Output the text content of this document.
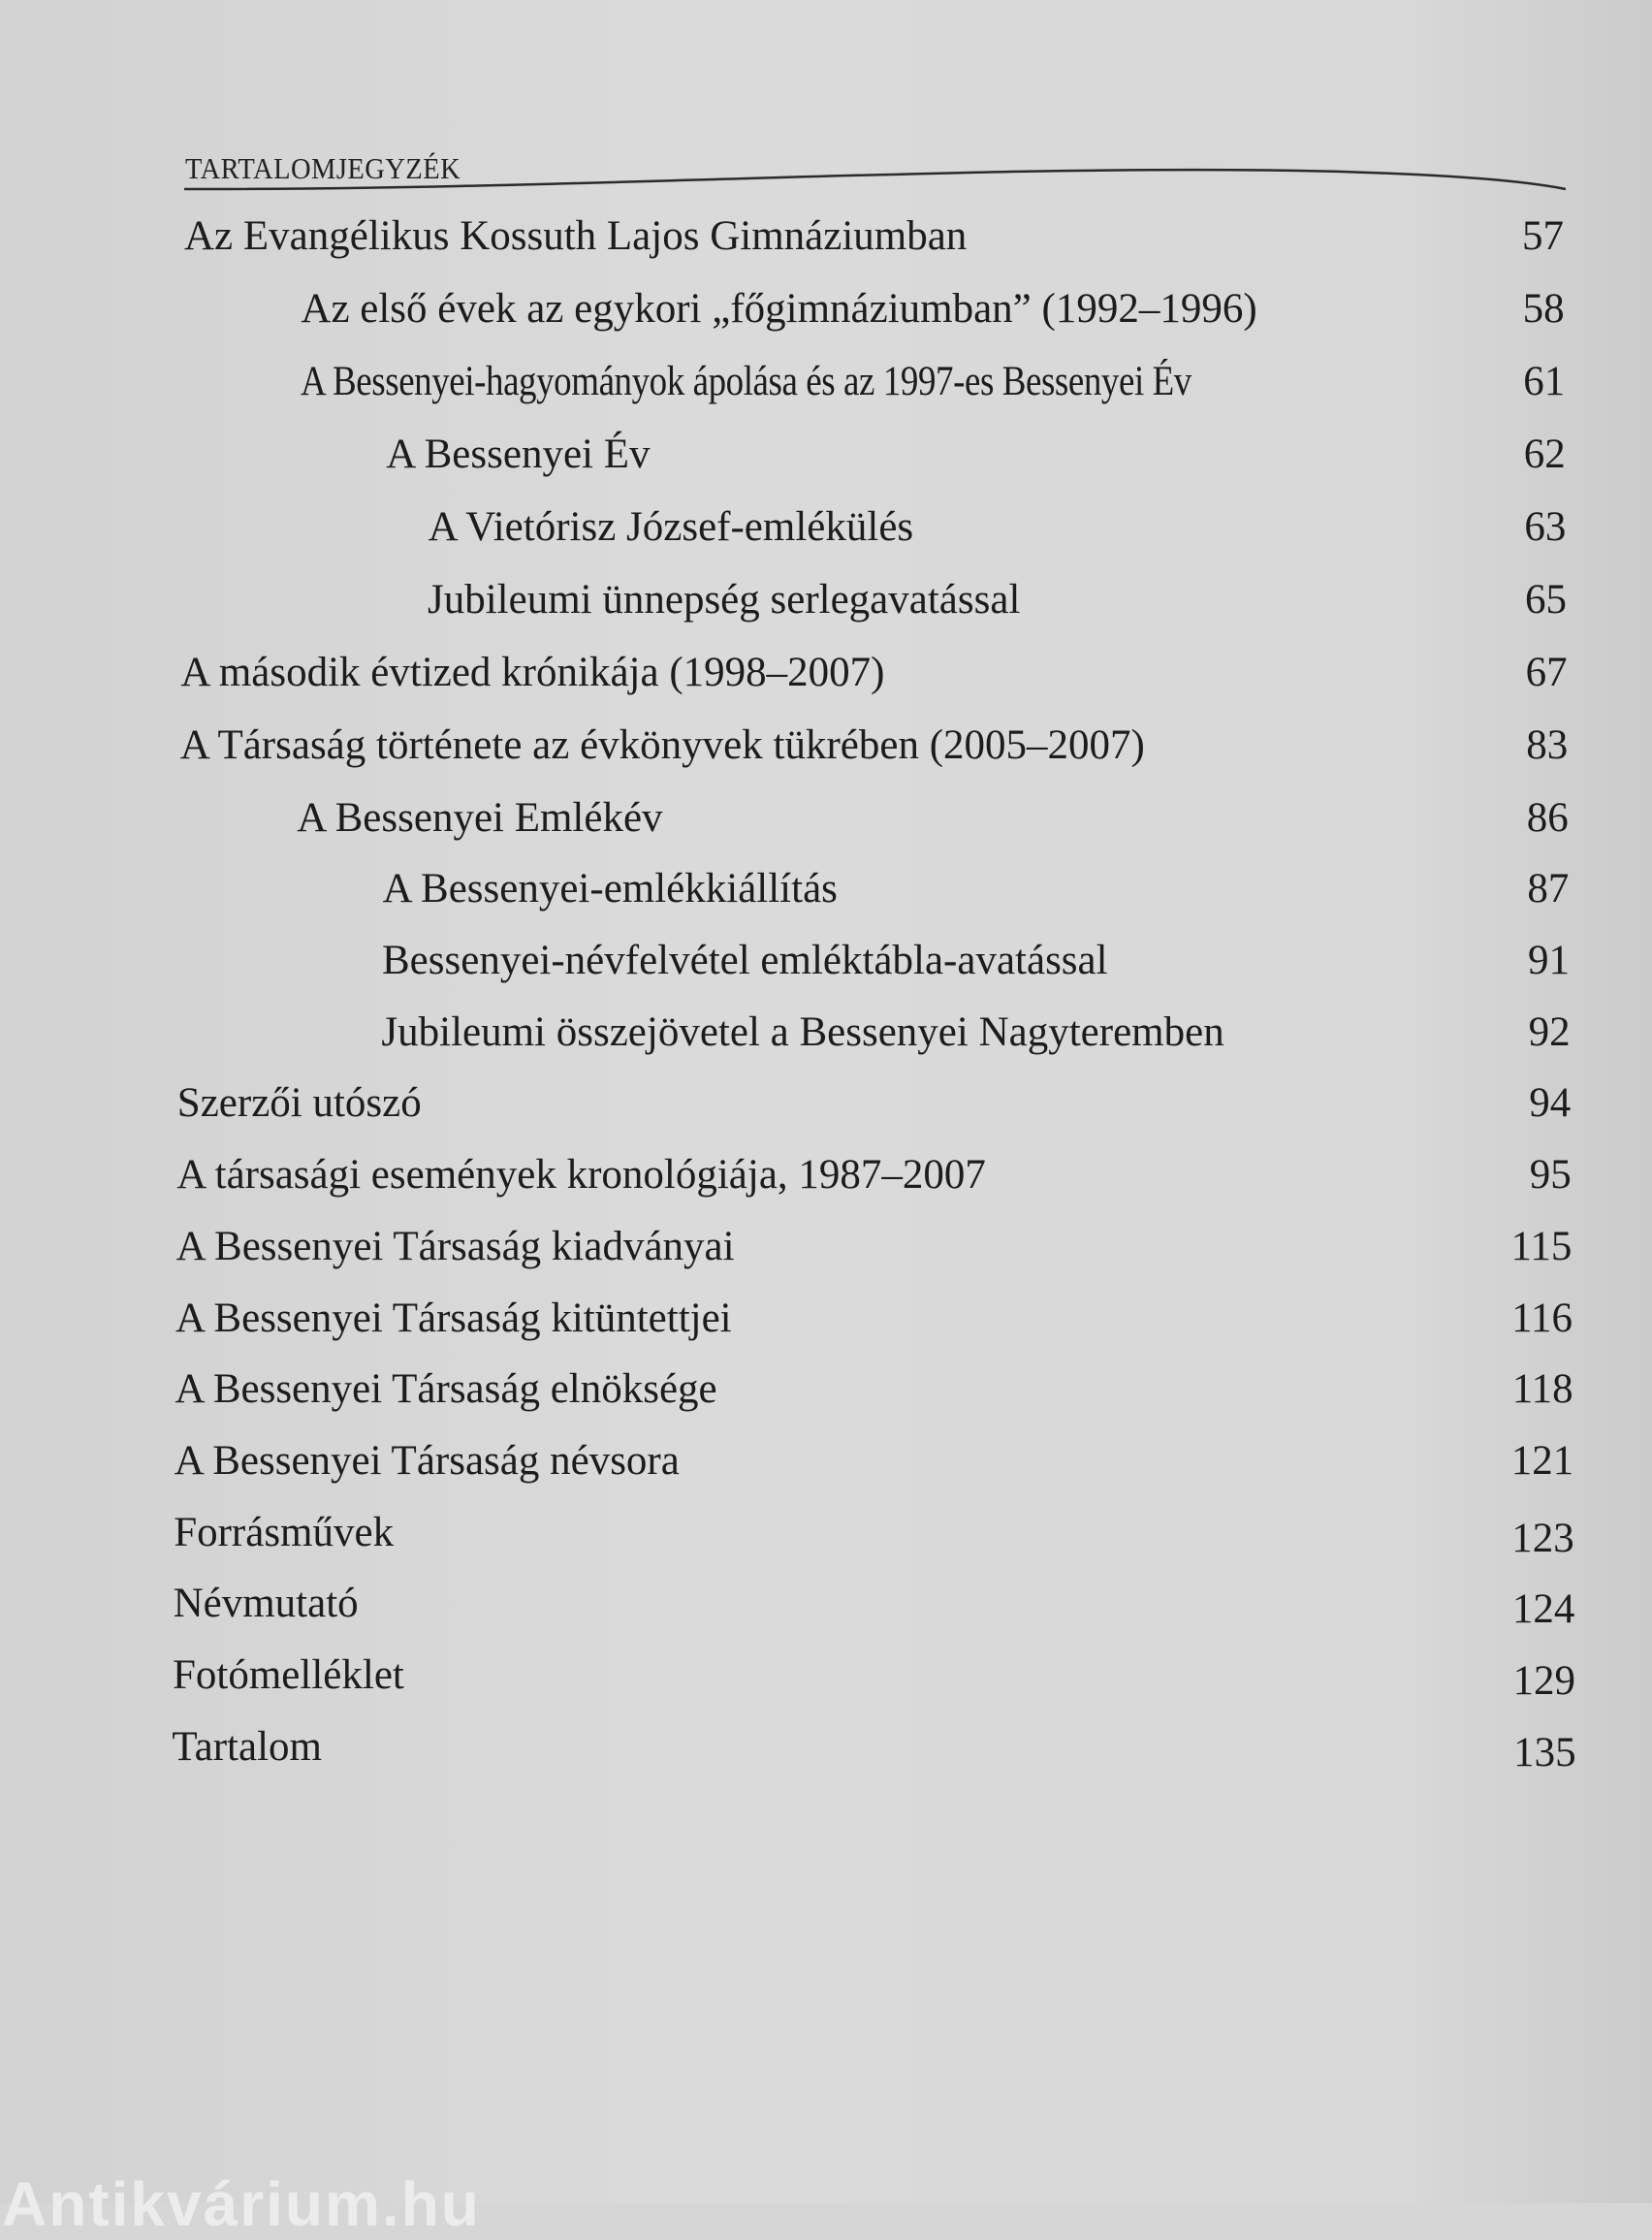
TARTALOMJEGYZÉK
Az Evangélikus Kossuth Lajos Gimnáziumban	57
Az első évek az egykori „főgimnáziumban” (1992–1996)	58
A Bessenyei-hagyományok ápolása és az 1997-es Bessenyei Év	61
A Bessenyei Év	62
A Vietórisz József-emlékülés	63
Jubileumi ünnepség serlegavatással	65
A második évtized krónikája (1998–2007)	67
A Társaság története az évkönyvek tükrében (2005–2007)	83
A Bessenyei Emlékév	86
A Bessenyei-emlékkiállítás	87
Bessenyei-névfelvétel emléktábla-avatással	91
Jubileumi összejövetel a Bessenyei Nagyteremben	92
Szerzői utószó	94
A társasági események kronológiája, 1987–2007	95
A Bessenyei Társaság kiadványai	115
A Bessenyei Társaság kitüntettjei	116
A Bessenyei Társaság elnöksége	118
A Bessenyei Társaság névsora	121
Forrásművek	123
Névmutató	124
Fotómelléklet	129
Tartalom	135
Antikvárium.hu
